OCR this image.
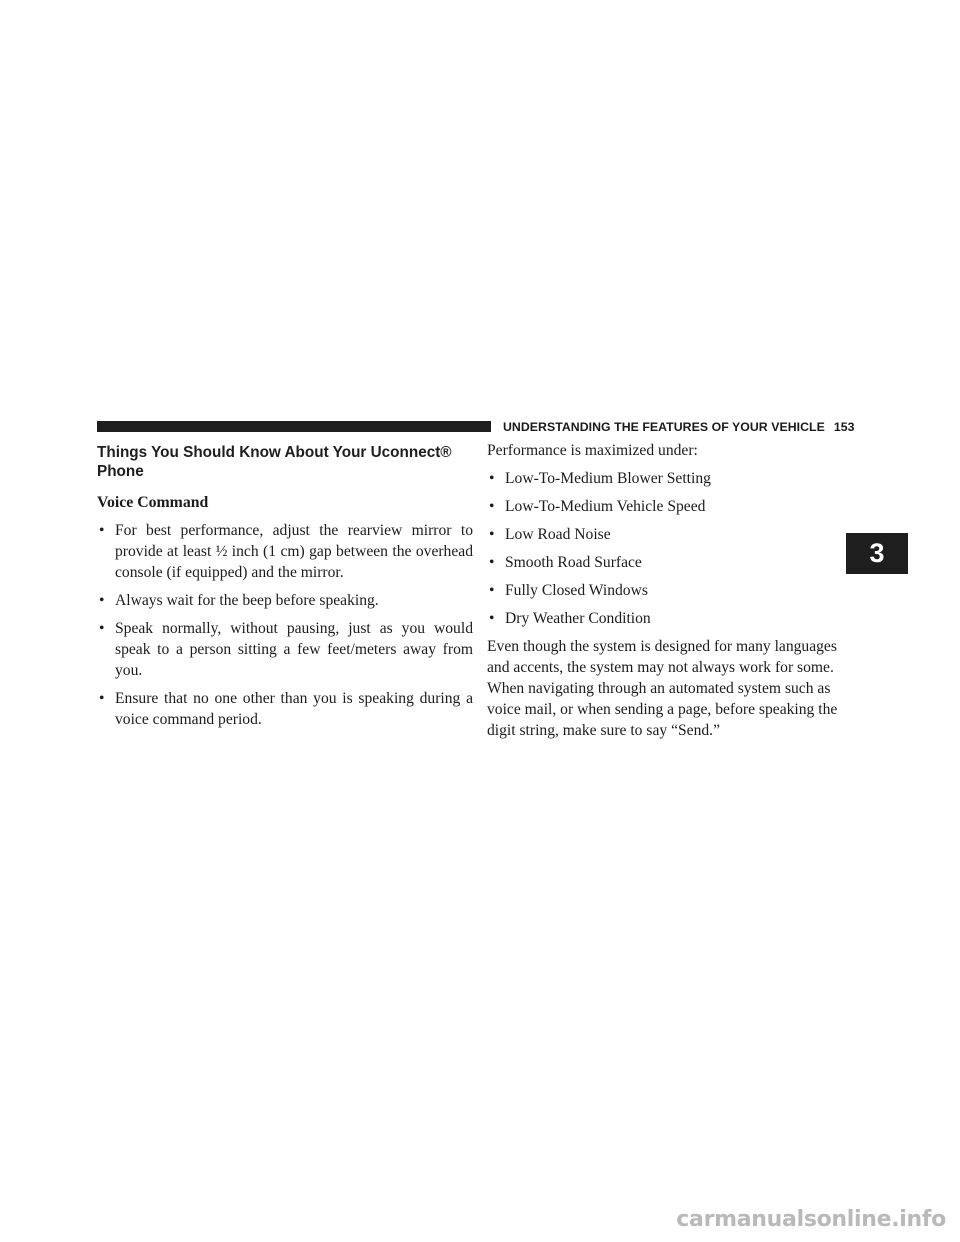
UNDERSTANDING THE FEATURES OF YOUR VEHICLE 153
3
Things You Should Know About Your Uconnect® Phone
Voice Command
• For best performance, adjust the rearview mirror to provide at least ½ inch (1 cm) gap between the overhead console (if equipped) and the mirror.
• Always wait for the beep before speaking.
• Speak normally, without pausing, just as you would speak to a person sitting a few feet/meters away from you.
• Ensure that no one other than you is speaking during a voice command period.

Performance is maximized under:

• Low-To-Medium Blower Setting
• Low-To-Medium Vehicle Speed
• Low Road Noise
• Smooth Road Surface
• Fully Closed Windows
• Dry Weather Condition

Even though the system is designed for many languages and accents, the system may not always work for some. When navigating through an automated system such as voice mail, or when sending a page, before speaking the digit string, make sure to say “Send.”

carmanualsonline.info
